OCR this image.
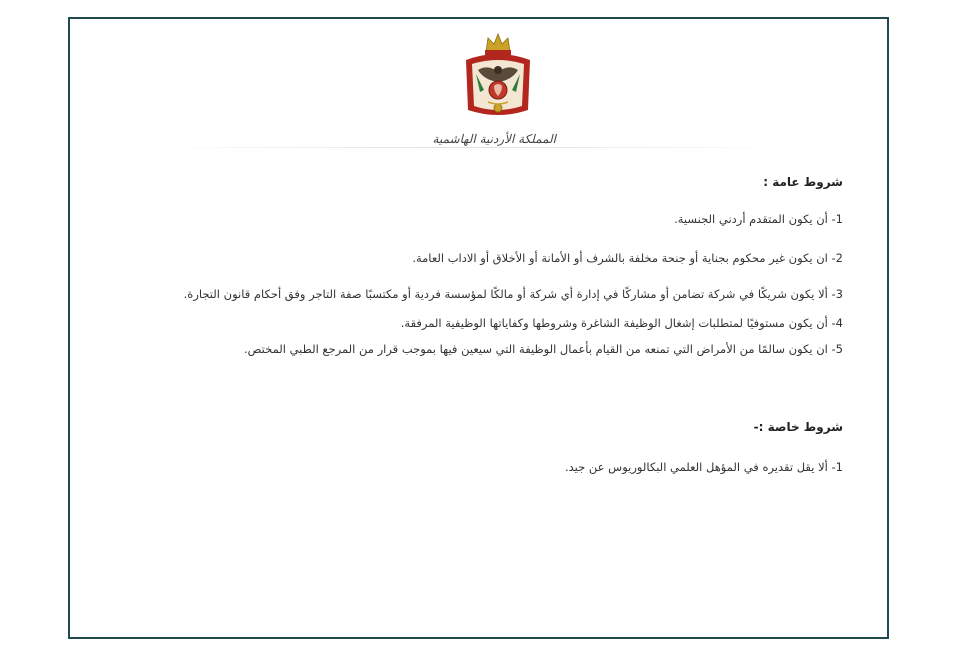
المملكة الأردنية الهاشمية
شروط عامة :
1- أن يكون المتقدم أردني الجنسية.
2- ان يكون غير محكوم بجناية أو جنحة مخلفة بالشرف أو الأمانة أو الأخلاق أو الاداب العامة.
3- ألا يكون شريكًا في شركة تضامن أو مشاركًا في إدارة أي شركة أو مالكًا لمؤسسة فردية أو مكتسبًا صفة التاجر وفق أحكام قانون التجارة.
4- أن يكون مستوفيًا لمتطلبات إشغال الوظيفة الشاغرة وشروطها وكفاياتها الوظيفية المرفقة.
5- ان يكون سالمًا من الأمراض التي تمنعه من القيام بأعمال الوظيفة التي سيعين فيها بموجب قرار من المرجع الطبي المختص.
شروط خاصة :-
1- ألا يقل تقديره في المؤهل العلمي البكالوريوس عن جيد.
